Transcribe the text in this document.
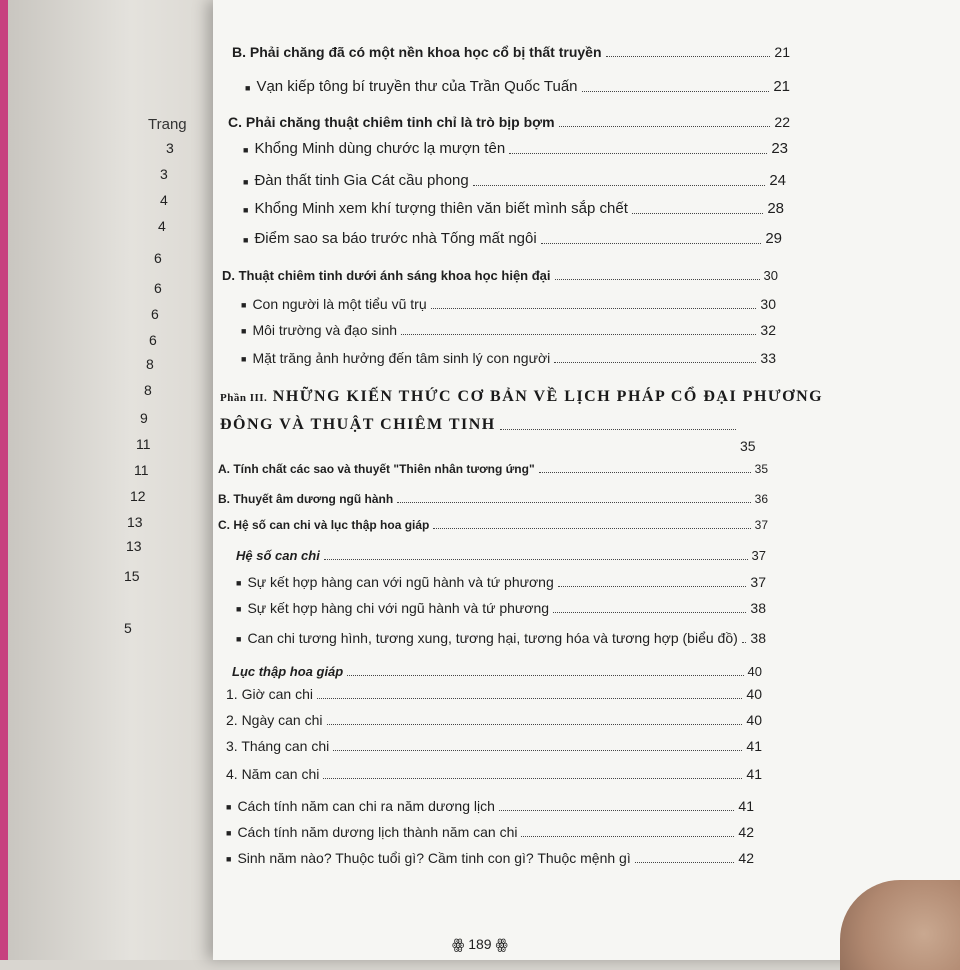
Trang
3
3
4
4
6
6
6
6
8
8
9
11
11
12
13
13
15
5
B. Phải chăng đã có một nền khoa học cổ bị thất truyền	21
■ Vạn kiếp tông bí truyền thư của Trần Quốc Tuấn	21
C. Phải chăng thuật chiêm tinh chỉ là trò bịp bợm	22
■ Khổng Minh dùng chước lạ mượn tên	23
■ Đàn thất tinh Gia Cát cầu phong	24
■ Khổng Minh xem khí tượng thiên văn biết mình sắp chết	28
■ Điểm sao sa báo trước nhà Tống mất ngôi	29
D. Thuật chiêm tinh dưới ánh sáng khoa học hiện đại	30
■ Con người là một tiểu vũ trụ	30
■ Môi trường và đạo sinh	32
■ Mặt trăng ảnh hưởng đến tâm sinh lý con người	33
Phần III. NHỮNG KIẾN THỨC CƠ BẢN VỀ LỊCH PHÁP CỔ ĐẠI PHƯƠNG
ĐÔNG VÀ THUẬT CHIÊM TINH
35
A. Tính chất các sao và thuyết "Thiên nhân tương ứng"	35
B. Thuyết âm dương ngũ hành	36
C. Hệ số can chi và lục thập hoa giáp	37
Hệ số can chi	37
■ Sự kết hợp hàng can với ngũ hành và tứ phương	37
■ Sự kết hợp hàng chi với ngũ hành và tứ phương	38
■ Can chi tương hình, tương xung, tương hại, tương hóa và tương hợp (biểu đồ) 38
Lục thập hoa giáp	40
1. Giờ can chi	40
2. Ngày can chi	40
3. Tháng can chi	41
4. Năm can chi	41
■ Cách tính năm can chi ra năm dương lịch	41
■ Cách tính năm dương lịch thành năm can chi	42
■ Sinh năm nào? Thuộc tuổi gì? Cầm tinh con gì? Thuộc mệnh gì	42
ꙮ 189 ꙮ
